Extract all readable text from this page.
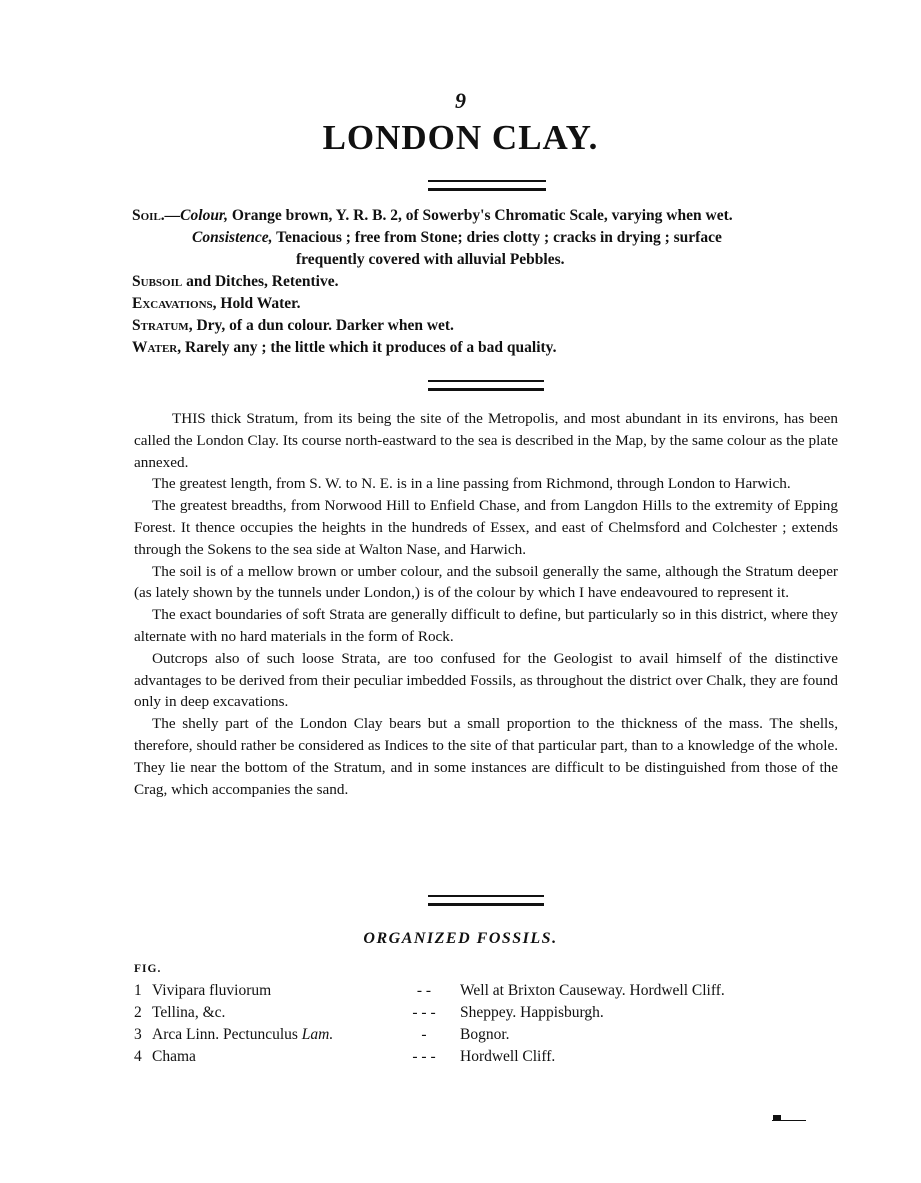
9
LONDON CLAY.

Soil.—Colour, Orange brown, Y. R. B. 2, of Sowerby's Chromatic Scale, varying when wet.

Consistence, Tenacious ; free from Stone; dries clotty ; cracks in drying ; surface

frequently covered with alluvial Pebbles.

Subsoil and Ditches, Retentive.

Excavations, Hold Water.

Stratum, Dry, of a dun colour. Darker when wet.

Water, Rarely any ; the little which it produces of a bad quality.

THIS thick Stratum, from its being the site of the Metropolis, and most abundant in its environs, has been called the London Clay. Its course north-eastward to the sea is described in the Map, by the same colour as the plate annexed.

The greatest length, from S. W. to N. E. is in a line passing from Richmond, through London to Harwich.

The greatest breadths, from Norwood Hill to Enfield Chase, and from Langdon Hills to the extremity of Epping Forest. It thence occupies the heights in the hundreds of Essex, and east of Chelmsford and Colchester ; extends through the Sokens to the sea side at Walton Nase, and Harwich.

The soil is of a mellow brown or umber colour, and the subsoil generally the same, although the Stratum deeper (as lately shown by the tunnels under London,) is of the colour by which I have endeavoured to represent it.

The exact boundaries of soft Strata are generally difficult to define, but particularly so in this district, where they alternate with no hard materials in the form of Rock.

Outcrops also of such loose Strata, are too confused for the Geologist to avail himself of the distinctive advantages to be derived from their peculiar imbedded Fossils, as throughout the district over Chalk, they are found only in deep excavations.

The shelly part of the London Clay bears but a small proportion to the thickness of the mass. The shells, therefore, should rather be considered as Indices to the site of that particular part, than to a knowledge of the whole. They lie near the bottom of the Stratum, and in some instances are difficult to be distinguished from those of the Crag, which accompanies the sand.

ORGANIZED FOSSILS.
FIG.
1	Vivipara fluviorum	- -	Well at Brixton Causeway. Hordwell Cliff.
2	Tellina, &c.	- - -	Sheppey. Happisburgh.
3	Arca Linn. Pectunculus Lam.	-	Bognor.
4	Chama	- - -	Hordwell Cliff.
